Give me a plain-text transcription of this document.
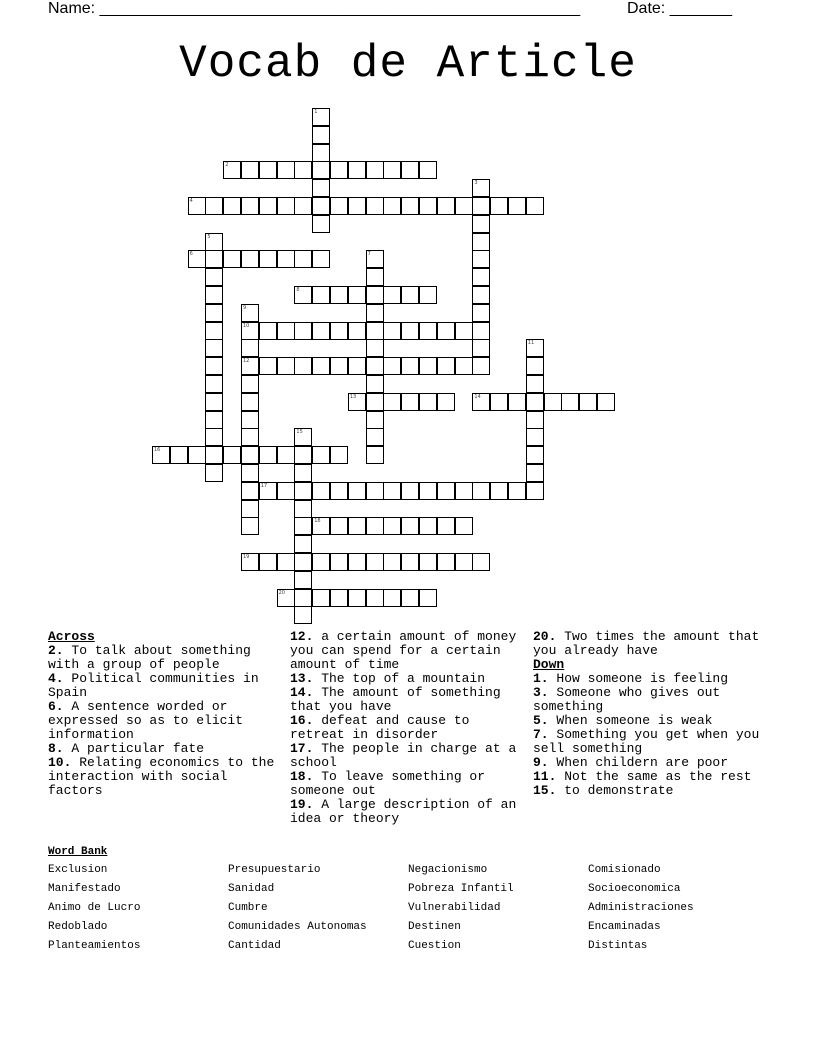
Name: ______________________________________________________	Date: _______
Vocab de Article
1
2
3
4
5
6	7
8
9
10
12
11
13	14
15
16
17
18
19
20
Across
2. To talk about something with a group of people
4. Political communities in Spain
6. A sentence worded or expressed so as to elicit information
8. A particular fate
10. Relating economics to the interaction with social factors
12. a certain amount of money you can spend for a certain amount of time
13. The top of a mountain
14. The amount of something that you have
16. defeat and cause to retreat in disorder
17. The people in charge at a school
18. To leave something or someone out
19. A large description of an idea or theory
20. Two times the amount that you already have
Down
1. How someone is feeling
3. Someone who gives out something
5. When someone is weak
7. Something you get when you sell something
9. When childern are poor
11. Not the same as the rest
15. to demonstrate
Word Bank
Exclusion	Presupuestario	Negacionismo	Comisionado
Manifestado	Sanidad	Pobreza Infantil	Socioeconomica
Animo de Lucro	Cumbre	Vulnerabilidad	Administraciones
Redoblado	Comunidades Autonomas	Destinen	Encaminadas
Planteamientos	Cantidad	Cuestion	Distintas
